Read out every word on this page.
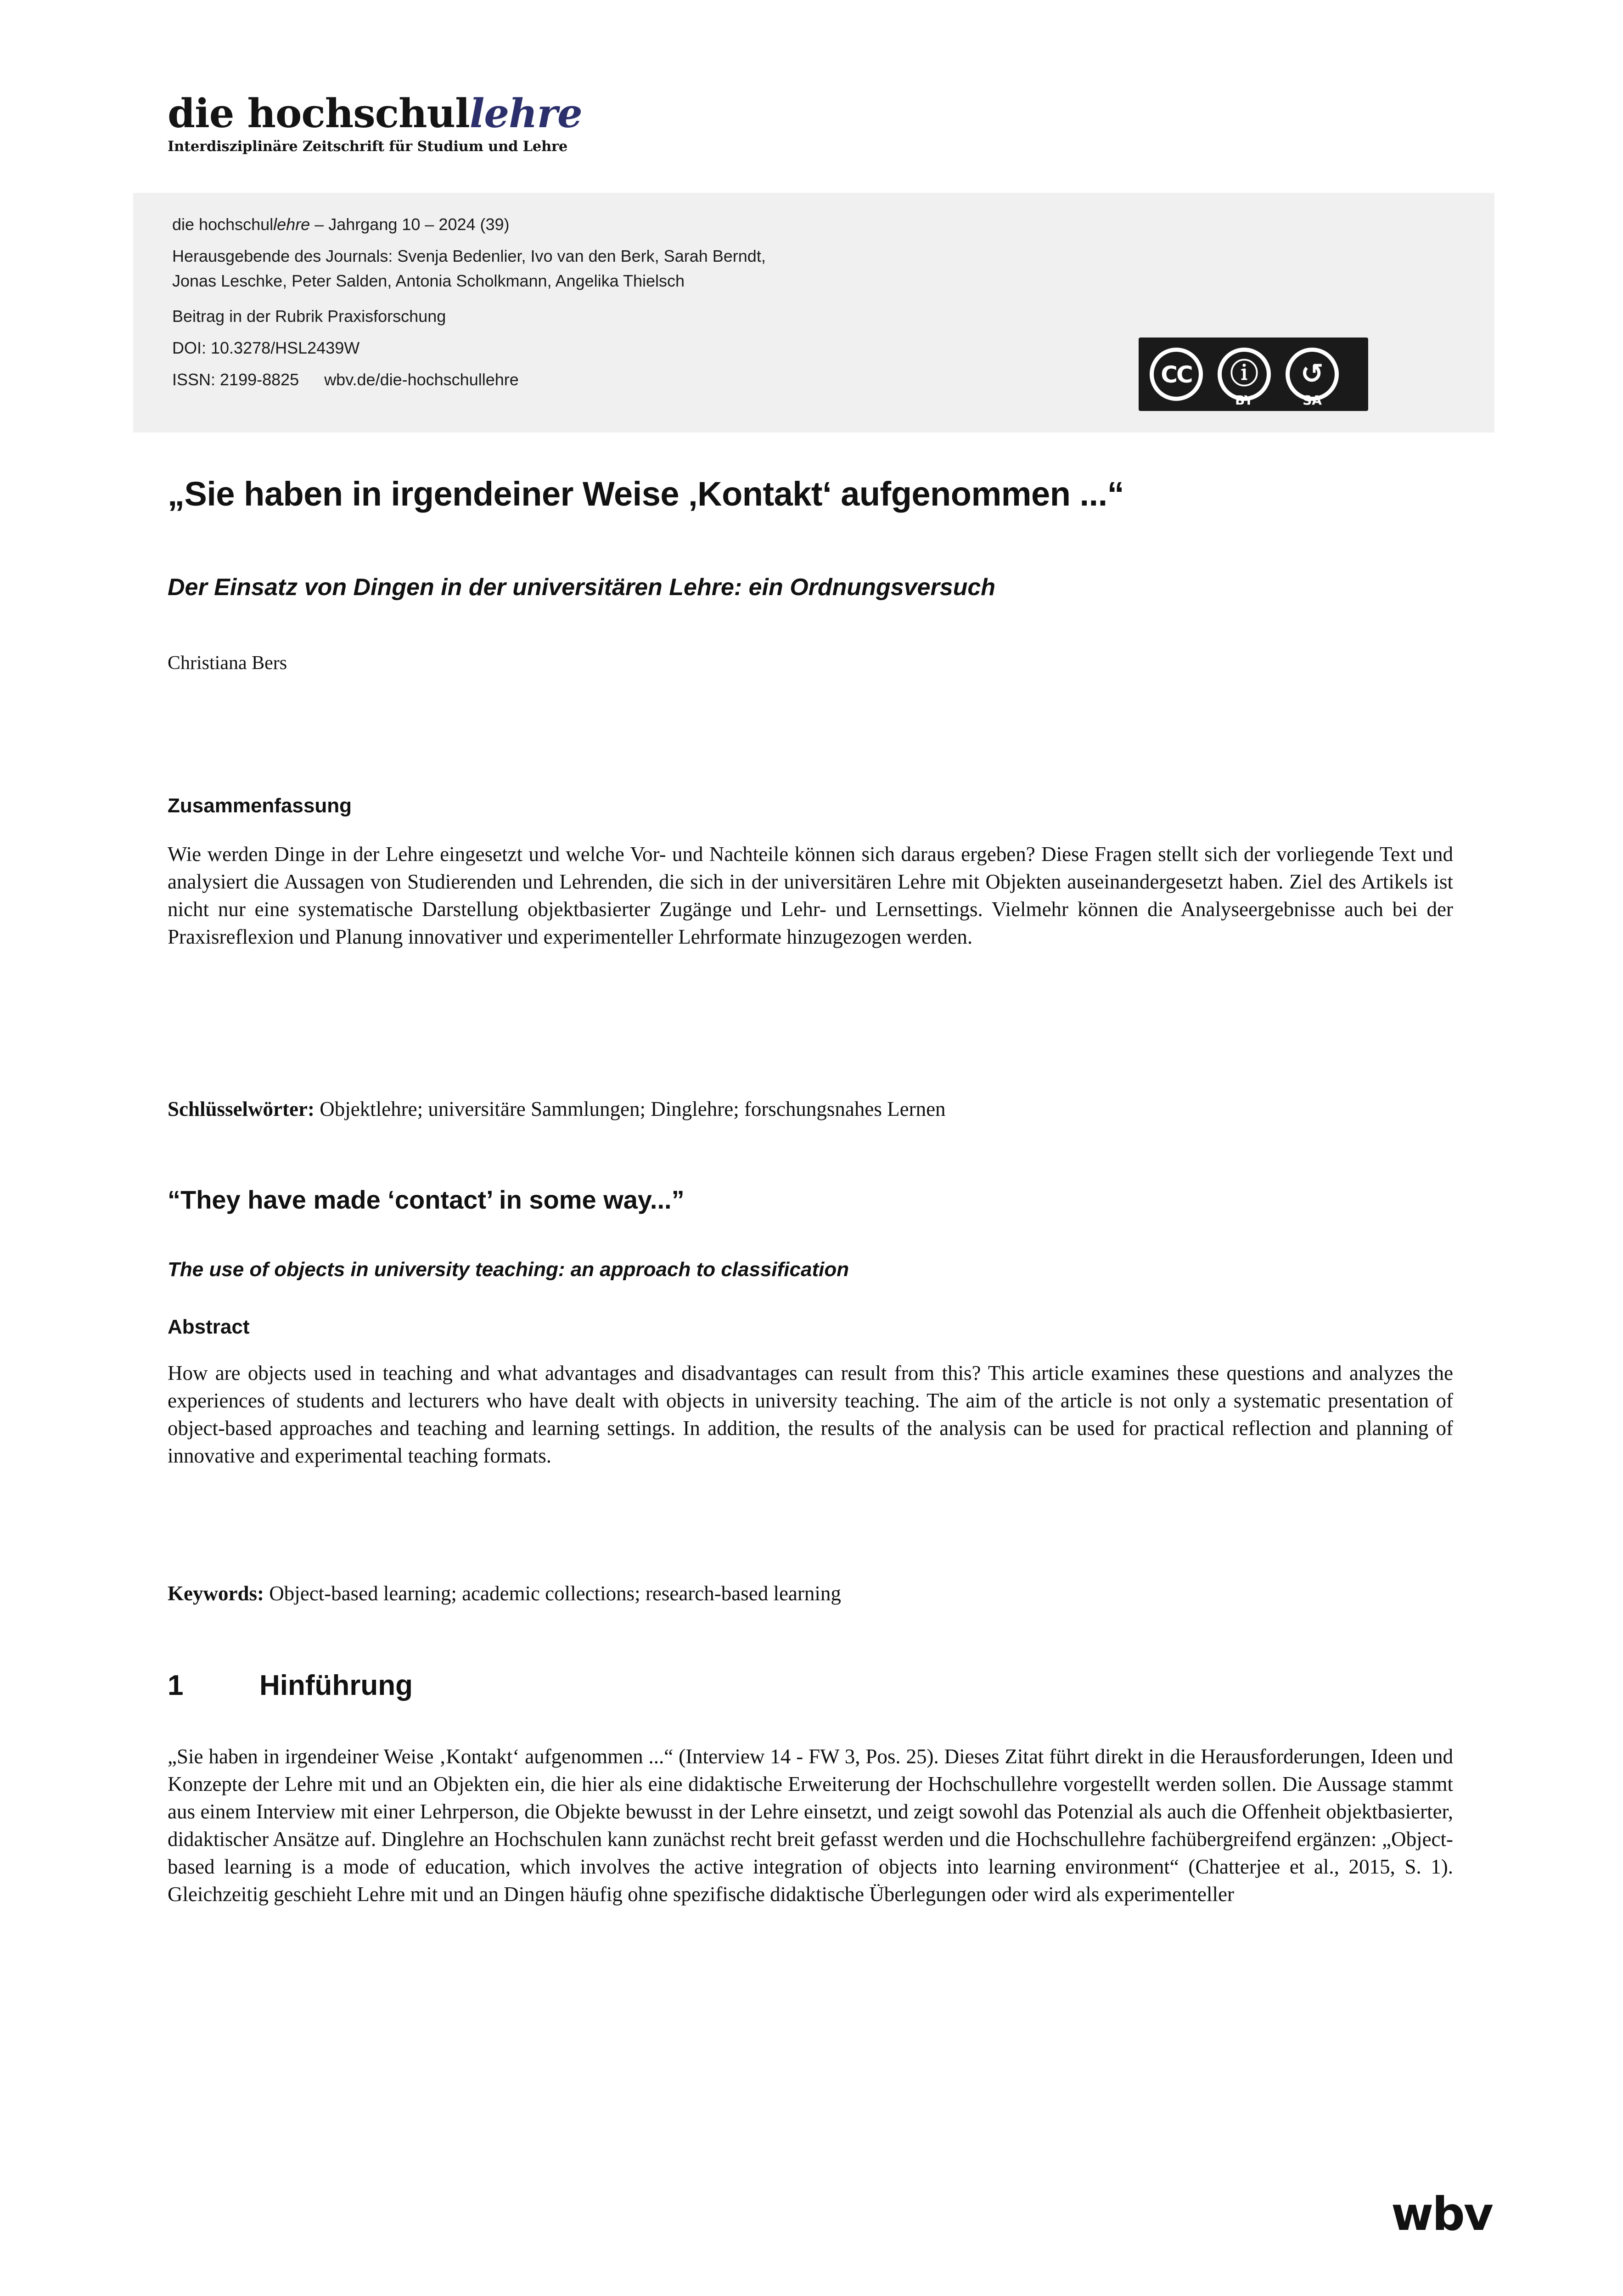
die hochschullehre
Interdisziplinäre Zeitschrift für Studium und Lehre
die hochschullehre – Jahrgang 10 – 2024 (39)
Herausgebende des Journals: Svenja Bedenlier, Ivo van den Berk, Sarah Berndt,
Jonas Leschke, Peter Salden, Antonia Scholkmann, Angelika Thielsch
Beitrag in der Rubrik Praxisforschung
DOI: 10.3278/HSL2439W
ISSN: 2199-8825 wbv.de/die-hochschullehre	CC	ⓘ	↺
BY	SA
„Sie haben in irgendeiner Weise ‚Kontakt‘ aufgenommen ...“
Der Einsatz von Dingen in der universitären Lehre: ein Ordnungsversuch
Christiana Bers
Zusammenfassung
Wie werden Dinge in der Lehre eingesetzt und welche Vor- und Nachteile können sich daraus ergeben? Diese Fragen stellt sich der vorliegende Text und analysiert die Aussagen von Studierenden und Lehrenden, die sich in der universitären Lehre mit Objekten auseinandergesetzt haben. Ziel des Artikels ist nicht nur eine systematische Darstellung objektbasierter Zugänge und Lehr- und Lernsettings. Vielmehr können die Analyseergebnisse auch bei der Praxisreflexion und Planung innovativer und experimenteller Lehrformate hinzugezogen werden.
Schlüsselwörter: Objektlehre; universitäre Sammlungen; Dinglehre; forschungsnahes Lernen
“They have made ‘contact’ in some way...”
The use of objects in university teaching: an approach to classification
Abstract
How are objects used in teaching and what advantages and disadvantages can result from this? This article examines these questions and analyzes the experiences of students and lecturers who have dealt with objects in university teaching. The aim of the article is not only a systematic presentation of object-based approaches and teaching and learning settings. In addition, the results of the analysis can be used for practical reflection and planning of innovative and experimental teaching formats.
Keywords: Object-based learning; academic collections; research-based learning
1	Hinführung
„Sie haben in irgendeiner Weise ‚Kontakt‘ aufgenommen ...“ (Interview 14 - FW 3, Pos. 25). Dieses Zitat führt direkt in die Herausforderungen, Ideen und Konzepte der Lehre mit und an Objekten ein, die hier als eine didaktische Erweiterung der Hochschullehre vorgestellt werden sollen. Die Aussage stammt aus einem Interview mit einer Lehrperson, die Objekte bewusst in der Lehre einsetzt, und zeigt sowohl das Potenzial als auch die Offenheit objektbasierter, didaktischer Ansätze auf. Dinglehre an Hochschulen kann zunächst recht breit gefasst werden und die Hochschullehre fachübergreifend ergänzen: „Object-based learning is a mode of education, which involves the active integration of objects into learning environment“ (Chatterjee et al., 2015, S. 1). Gleichzeitig geschieht Lehre mit und an Dingen häufig ohne spezifische didaktische Überlegungen oder wird als experimenteller
wbv
